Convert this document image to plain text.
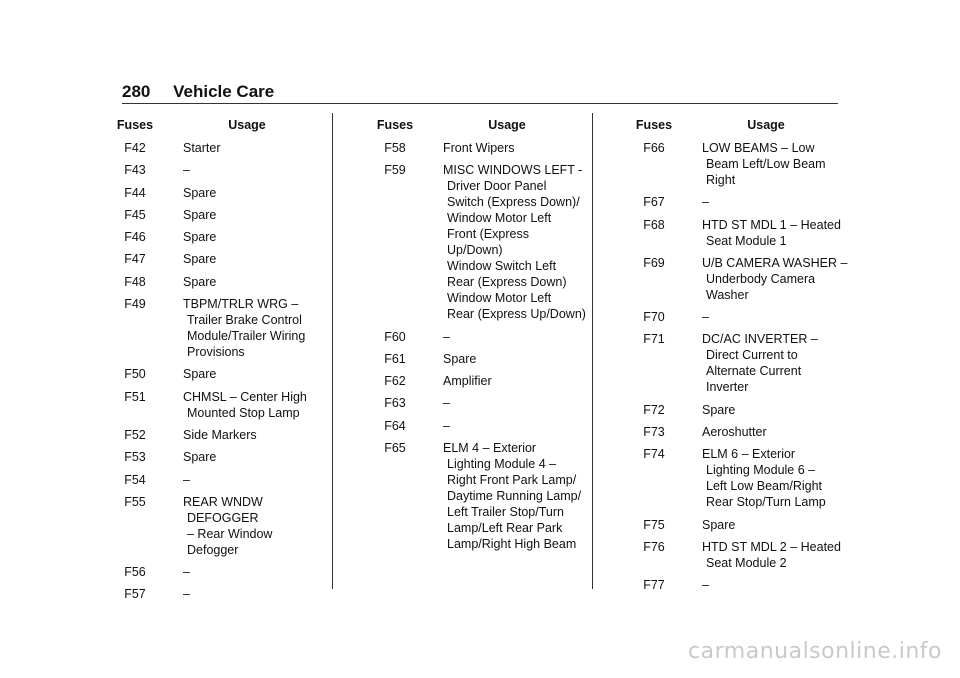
280 Vehicle Care
Fuses	Usage
F42	Starter
F43	–
F44	Spare
F45	Spare
F46	Spare
F47	Spare
F48	Spare
F49	TBPM/TRLR WRG –
Trailer Brake Control
Module/Trailer Wiring
Provisions
F50	Spare
F51	CHMSL – Center High
Mounted Stop Lamp
F52	Side Markers
F53	Spare
F54	–
F55	REAR WNDW DEFOGGER
– Rear Window
Defogger
F56	–
F57	–
Fuses	Usage
F58	Front Wipers
F59	MISC WINDOWS LEFT -
Driver Door Panel
Switch (Express Down)/
Window Motor Left
Front (Express
Up/Down)
Window Switch Left
Rear (Express Down)
Window Motor Left
Rear (Express Up/Down)
F60	–
F61	Spare
F62	Amplifier
F63	–
F64	–
F65	ELM 4 – Exterior
Lighting Module 4 –
Right Front Park Lamp/
Daytime Running Lamp/
Left Trailer Stop/Turn
Lamp/Left Rear Park
Lamp/Right High Beam
Fuses	Usage
F66	LOW BEAMS – Low
Beam Left/Low Beam
Right
F67	–
F68	HTD ST MDL 1 – Heated
Seat Module 1
F69	U/B CAMERA WASHER –
Underbody Camera
Washer
F70	–
F71	DC/AC INVERTER –
Direct Current to
Alternate Current
Inverter
F72	Spare
F73	Aeroshutter
F74	ELM 6 – Exterior
Lighting Module 6 –
Left Low Beam/Right
Rear Stop/Turn Lamp
F75	Spare
F76	HTD ST MDL 2 – Heated
Seat Module 2
F77	–
carmanualsonline.info
